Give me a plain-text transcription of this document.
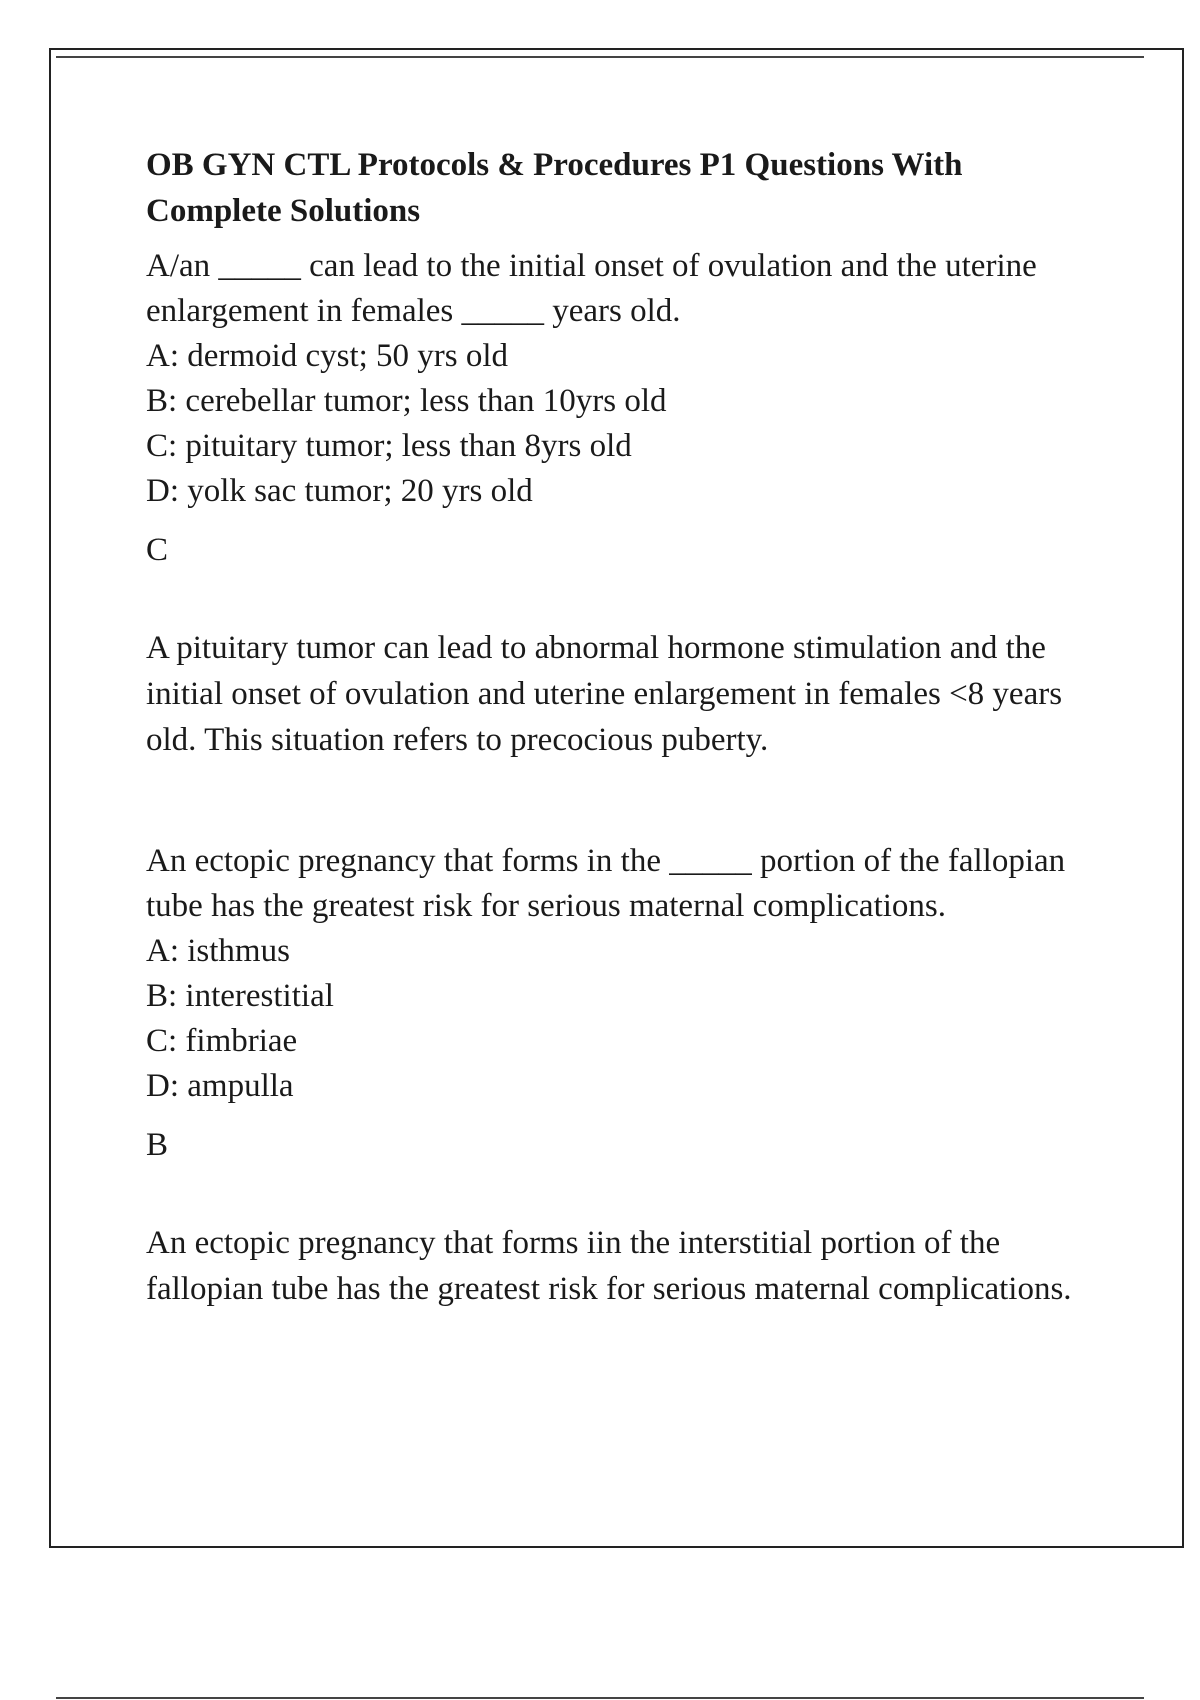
OB GYN CTL Protocols & Procedures P1 Questions With Complete Solutions

A/an _____ can lead to the initial onset of ovulation and the uterine enlargement in females _____ years old.

A: dermoid cyst; 50 yrs old
B: cerebellar tumor; less than 10yrs old
C: pituitary tumor; less than 8yrs old
D: yolk sac tumor; 20 yrs old

C

A pituitary tumor can lead to abnormal hormone stimulation and the initial onset of ovulation and uterine enlargement in females <8 years old. This situation refers to precocious puberty.

An ectopic pregnancy that forms in the _____ portion of the fallopian tube has the greatest risk for serious maternal complications.

A: isthmus
B: interestitial
C: fimbriae
D: ampulla

B

An ectopic pregnancy that forms iin the interstitial portion of the fallopian tube has the greatest risk for serious maternal complications.
